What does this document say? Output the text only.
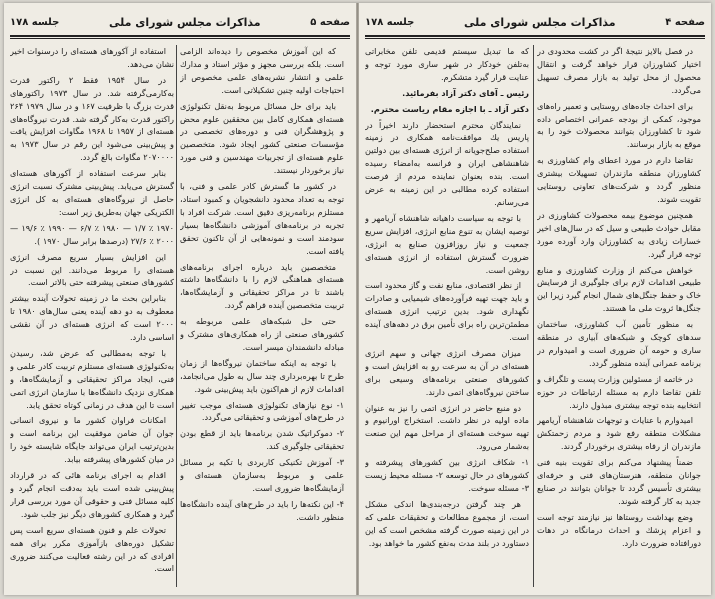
صفحه ۵
مذاکرات مجلس شورای ملی
جلسه ۱۷۸

که این آموزش مخصوص را دیده‌اند الزامی است. بلکه بررسی مجهز و مؤثر استاد و مدارك علمی و انتشار نشریه‌های علمی مخصوص از احتیاجات اولیه چنین تشکیلاتی است.

باید برای حل مسائل مربوط به‌نقل تکنولوژی هسته‌ای همکاری کامل بین محققین علوم محض و پژوهشگران فنی و دوره‌های تخصصی در مؤسسات صنعتی کشور ایجاد شود. متخصصین علوم هسته‌ای از تجربیات مهندسین و فنی مورد نیاز برخوردار نیستند.

در کشور ما گسترش کادر علمی و فنی، با توجه به تعداد محدود دانشجویان و کمبود استاد، مستلزم برنامه‌ریزی دقیق است. شرکت افراد با تجربه در برنامه‌های آموزشی دانشگاه‌ها بسیار سودمند است و نمونه‌هایی از آن تاکنون تحقق یافته است.

متخصصین باید درباره اجرای برنامه‌های هسته‌ای هماهنگی لازم را با دانشگاه‌ها داشته باشند تا در مراکز تحقیقاتی و آزمایشگاه‌ها، تربیت متخصصین آینده فراهم گردد.

حتی حل شبکه‌های علمی مربوطه به کشورهای صنعتی از راه همکاری‌های مشترک و مبادله دانشمندان میسر است.

با توجه به اینکه ساختمان نیروگاه‌ها از زمان طرح تا بهره‌برداری چند سال به طول می‌انجامد، اقدامات لازم از هم‌اکنون باید پیش‌بینی شود.

۱- نوع نیازهای تکنولوژی هسته‌ای موجب تغییر در طرح‌های آموزشی و تحقیقاتی می‌گردد.

۲- دموکراتیک شدن برنامه‌ها باید از قطع بودن تحقیقاتی جلوگیری کند.

۳- آموزش تکنیکی کاربردی با تکیه بر مسائل علمی و مربوط به‌سازمان هسته‌ای و آزمایشگاه‌ها ضروری است.

۴- این نکته‌ها را باید در طرح‌های آینده دانشگاه‌ها منظور داشت.

استفاده از آکورهای هسته‌ای را درسنوات اخیر نشان می‌دهد.

در سال ۱۹۵۴ فقط ۲ راکتور قدرت به‌کارمی‌گرفته شد. در سال ۱۹۷۳ راکتورهای قدرت بزرگ با ظرفیت ۱۶۷ و در سال ۱۹۷۹ ۲۶۴ راکتور قدرت به‌کار گرفته شد. قدرت نیروگاه‌های هسته‌ای از ۱۹۵۷ تا ۱۹۶۸ مگاوات افزایش یافت و پیش‌بینی می‌شود این رقم در سال ۱۹۷۳ به ۲۰۷۰۰۰۰ مگاوات بالغ گردد.

بنابر سرعت استفاده از آکورهای هسته‌ای گسترش می‌یابد. پیش‌بینی مشترک نسبت انرژی حاصل از نیروگاه‌های هسته‌ای به کل انرژی الکتریکی جهان به‌طریق زیر است:

۱۹۷۰ ٪ ۱/۷ — ۱۹۸۰ ٪ ۶/۷ — ۱۹۹۰ ٪ ۱۹/۶ — ۲۰۰۰ ٪ ۲۷/۶ (درصدها برابر سال ۱۹۷۰ ).

این افزایش بسیار سریع مصرف انرژی هسته‌ای را مربوط می‌دانند. این نسبت در کشورهای صنعتی پیشرفته حتی بالاتر است.

بنابراین بحث ما در زمینه تحولات آینده بیشتر معطوف به دو دهه آینده یعنی سال‌های ۱۹۸۰ تا ۲۰۰۰ است که انرژی هسته‌ای در آن نقشی اساسی دارد.

با توجه به‌مطالبی که عرض شد، رسیدن به‌تکنولوژی هسته‌ای مستلزم تربیت کادر علمی و فنی، ایجاد مراکز تحقیقاتی و آزمایشگاه‌ها، و همکاری نزدیک دانشگاه‌ها با سازمان انرژی اتمی است تا این هدف در زمانی کوتاه تحقق یابد.

امکانات فراوان کشور ما و نیروی انسانی جوان آن ضامن موفقیت این برنامه است و بدین‌ترتیب ایران می‌تواند جایگاه شایسته خود را در میان کشورهای پیشرفته بیابد.

اقدام به اجرای برنامه هائی که در قرارداد پیش‌بینی شده است باید به‌دقت انجام گیرد و کلیه مسائل فنی و حقوقی آن مورد بررسی قرار گیرد و همکاری کشورهای دیگر نیز جلب شود.

تحولات علم و فنون هسته‌ای سریع است پس تشکیل دوره‌های بازآموزی مکرر برای همه افرادی که در این رشته فعالیت می‌کنند ضروری است.

صفحه ۴
مذاکرات مجلس شورای ملی
جلسه ۱۷۸

در فصل بالایز نتیجهٔ اگر در کشت محدودی در اختیار کشاورزان قرار خواهد گرفت و انتقال محصول از محل تولید به بازار مصرف تسهیل می‌گردد.

برای احداث جاده‌های روستایی و تعمیر راه‌های موجود، کمکی از بودجه عمرانی اختصاص داده شود تا کشاورزان بتوانند محصولات خود را به موقع به بازار برسانند.

تقاضا دارم در مورد اعطای وام کشاورزی به کشاورزان منطقه مازندران تسهیلات بیشتری منظور گردد و شرکت‌های تعاونی روستایی تقویت شوند.

همچنین موضوع بیمه محصولات کشاورزی در مقابل حوادث طبیعی و سیل که در سال‌های اخیر خسارات زیادی به کشاورزان وارد آورده مورد توجه قرار گیرد.

خواهش می‌کنم از وزارت کشاورزی و منابع طبیعی اقدامات لازم برای جلوگیری از فرسایش خاک و حفظ جنگل‌های شمال انجام گیرد زیرا این جنگل‌ها ثروت ملی ما هستند.

به منظور تأمین آب کشاورزی، ساختمان سدهای کوچک و شبکه‌های آبیاری در منطقه ساری و حومه آن ضروری است و امیدوارم در برنامه عمرانی آینده منظور گردد.

در خاتمه از مسئولین وزارت پست و تلگراف و تلفن تقاضا دارم به مسئله ارتباطات در حوزه انتخابیه بنده توجه بیشتری مبذول دارند.

امیدوارم با عنایات و توجهات شاهنشاه آریامهر مشکلات منطقه رفع شود و مردم زحمتکش مازندران از رفاه بیشتری برخوردار گردند.

ضمناً پیشنهاد می‌کنم برای تقویت بنیه فنی جوانان منطقه، هنرستان‌های فنی و حرفه‌ای بیشتری تأسیس گردد تا جوانان بتوانند در صنایع جدید به کار گرفته شوند.

وضع بهداشت روستاها نیز نیازمند توجه است و اعزام پزشك و احداث درمانگاه در دهات دورافتاده ضرورت دارد.

که ما تبدیل سیستم قدیمی تلفن مخابراتی به‌تلفن خودکار در شهر ساری مورد توجه و عنایت قرار گیرد متشکرم.

رئیس ـ آقای دکتر آزاد بفرمائید.

دکتر آزاد ـ با اجازه مقام ریاست محترم.

نمایندگان محترم استحضار دارند اخیراً در پاریس یك موافقت‌نامه همکاری در زمینه استفاده صلح‌جویانه از انرژی هسته‌ای بین دولتین شاهنشاهی ایران و فرانسه به‌امضاء رسیده است. بنده بعنوان نماینده مردم از فرصت استفاده کرده مطالبی در این زمینه به عرض می‌رسانم.

با توجه به سیاست داهیانه شاهنشاه آریامهر و توصیه ایشان به تنوع منابع انرژی، افزایش سریع جمعیت و نیاز روزافزون صنایع به انرژی، ضرورت گسترش استفاده از انرژی هسته‌ای روشن است.

از نظر اقتصادی، منابع نفت و گاز محدود است و باید جهت تهیه فرآورده‌های شیمیایی و صادرات نگهداری شود. بدین ترتیب انرژی هسته‌ای مطمئن‌ترین راه برای تأمین برق در دهه‌های آینده است.

میزان مصرف انرژی جهانی و سهم انرژی هسته‌ای در آن به سرعت رو به افزایش است و کشورهای صنعتی برنامه‌های وسیعی برای ساختن نیروگاه‌های اتمی دارند.

دو منبع حاضر در انرژی اتمی را نیز به عنوان ماده اولیه در نظر داشت. استخراج اورانیوم و تهیه سوخت هسته‌ای از مراحل مهم این صنعت به‌شمار می‌رود.

۱- شکاف انرژی بین کشورهای پیشرفته و کشورهای در حال توسعه ۲- مسئله محیط زیست ۳- مسئله سوخت.

هر چند گرفتن درجه‌بندی‌ها اندکی مشکل است، از مجموع مطالعات و تحقیقات علمی که در این زمینه صورت گرفته مشخص است که این دستاورد در بلند مدت به‌نفع کشور ما خواهد بود.
